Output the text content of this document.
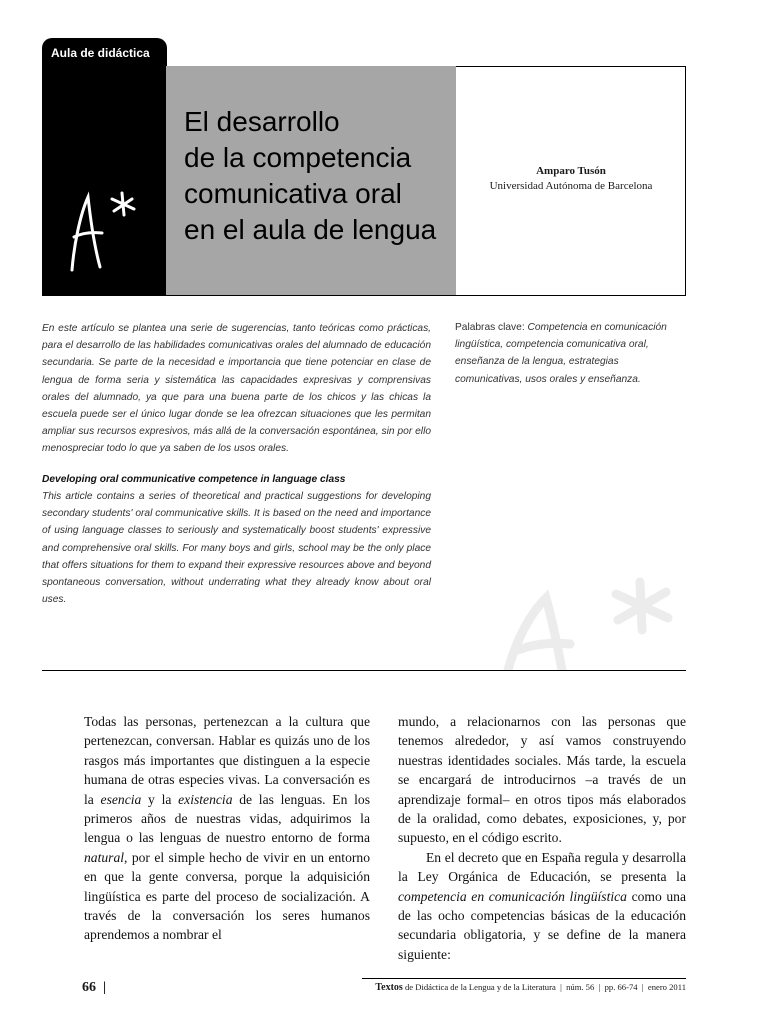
Aula de didáctica
El desarrollo
de la competencia
comunicativa oral
en el aula de lengua
Amparo Tusón
Universidad Autónoma de Barcelona
En este artículo se plantea una serie de sugerencias, tanto teóricas como prácticas, para el desarrollo de las habilidades comunicativas orales del alumnado de educación secundaria. Se parte de la necesidad e importancia que tiene potenciar en clase de lengua de forma seria y sistemática las capacidades expresivas y comprensivas orales del alumnado, ya que para una buena parte de los chicos y las chicas la escuela puede ser el único lugar donde se lea ofrezcan situaciones que les permitan ampliar sus recursos expresivos, más allá de la conversación espontánea, sin por ello menospreciar todo lo que ya saben de los usos orales.
Developing oral communicative competence in language class
This article contains a series of theoretical and practical suggestions for developing secondary students' oral communicative skills. It is based on the need and importance of using language classes to seriously and systematically boost students' expressive and comprehensive oral skills. For many boys and girls, school may be the only place that offers situations for them to expand their expressive resources above and beyond spontaneous conversation, without underrating what they already know about oral uses.
Palabras clave: Competencia en comunicación lingüística, competencia comunicativa oral, enseñanza de la lengua, estrategias comunicativas, usos orales y enseñanza.

Todas las personas, pertenezcan a la cultura que pertenezcan, conversan. Hablar es quizás uno de los rasgos más importantes que distinguen a la especie humana de otras especies vivas. La conversación es la esencia y la existencia de las lenguas. En los primeros años de nuestras vidas, adquirimos la lengua o las lenguas de nuestro entorno de forma natural, por el simple hecho de vivir en un entorno en que la gente conversa, porque la adquisición lingüística es parte del proceso de socialización. A través de la conversación los seres humanos aprendemos a nombrar el

mundo, a relacionarnos con las personas que tenemos alrededor, y así vamos construyendo nuestras identidades sociales. Más tarde, la escuela se encargará de introducirnos –a través de un aprendizaje formal– en otros tipos más elaborados de la oralidad, como debates, exposiciones, y, por supuesto, en el código escrito.

En el decreto que en España regula y desarrolla la Ley Orgánica de Educación, se presenta la competencia en comunicación lingüística como una de las ocho competencias básicas de la educación secundaria obligatoria, y se define de la manera siguiente:

66 |	Textos de Didáctica de la Lengua y de la Literatura | núm. 56 | pp. 66-74 | enero 2011
